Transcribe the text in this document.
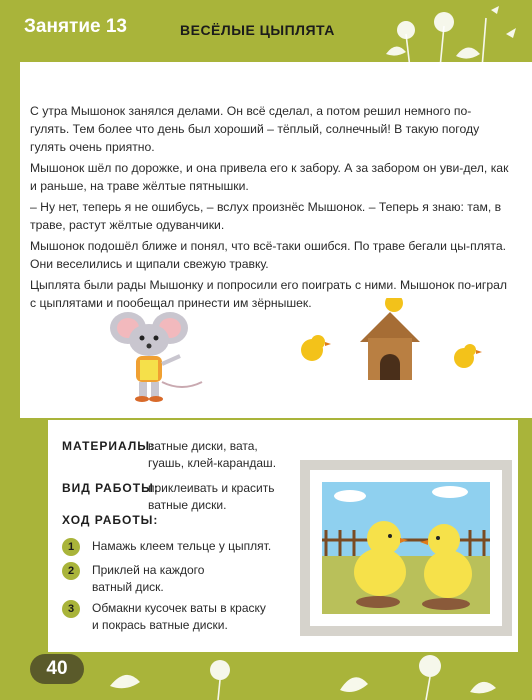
Занятие 13	ВЕСЁЛЫЕ ЦЫПЛЯТА

С утра Мышонок занялся делами. Он всё сделал, а потом решил немного по-гулять. Тем более что день был хороший – тёплый, солнечный! В такую погоду гулять очень приятно.

Мышонок шёл по дорожке, и она привела его к забору. А за забором он уви-дел, как и раньше, на траве жёлтые пятнышки.

– Ну нет, теперь я не ошибусь, – вслух произнёс Мышонок. – Теперь я знаю: там, в траве, растут жёлтые одуванчики.

Мышонок подошёл ближе и понял, что всё-таки ошибся. По траве бегали цы-плята. Они веселились и щипали свежую травку.

Цыплята были рады Мышонку и попросили его поиграть с ними. Мышонок по-играл с цыплятами и пообещал принести им зёрнышек.

МАТЕРИАЛЫ:
ватные диски, вата, гуашь, клей-карандаш.
ВИД РАБОТЫ:
приклеивать и красить ватные диски.
ХОД РАБОТЫ:
1	Намажь клеем тельце у цыплят.
2	Приклей на каждого ватный диск.
3	Обмакни кусочек ваты в краску и покрась ватные диски.
40
